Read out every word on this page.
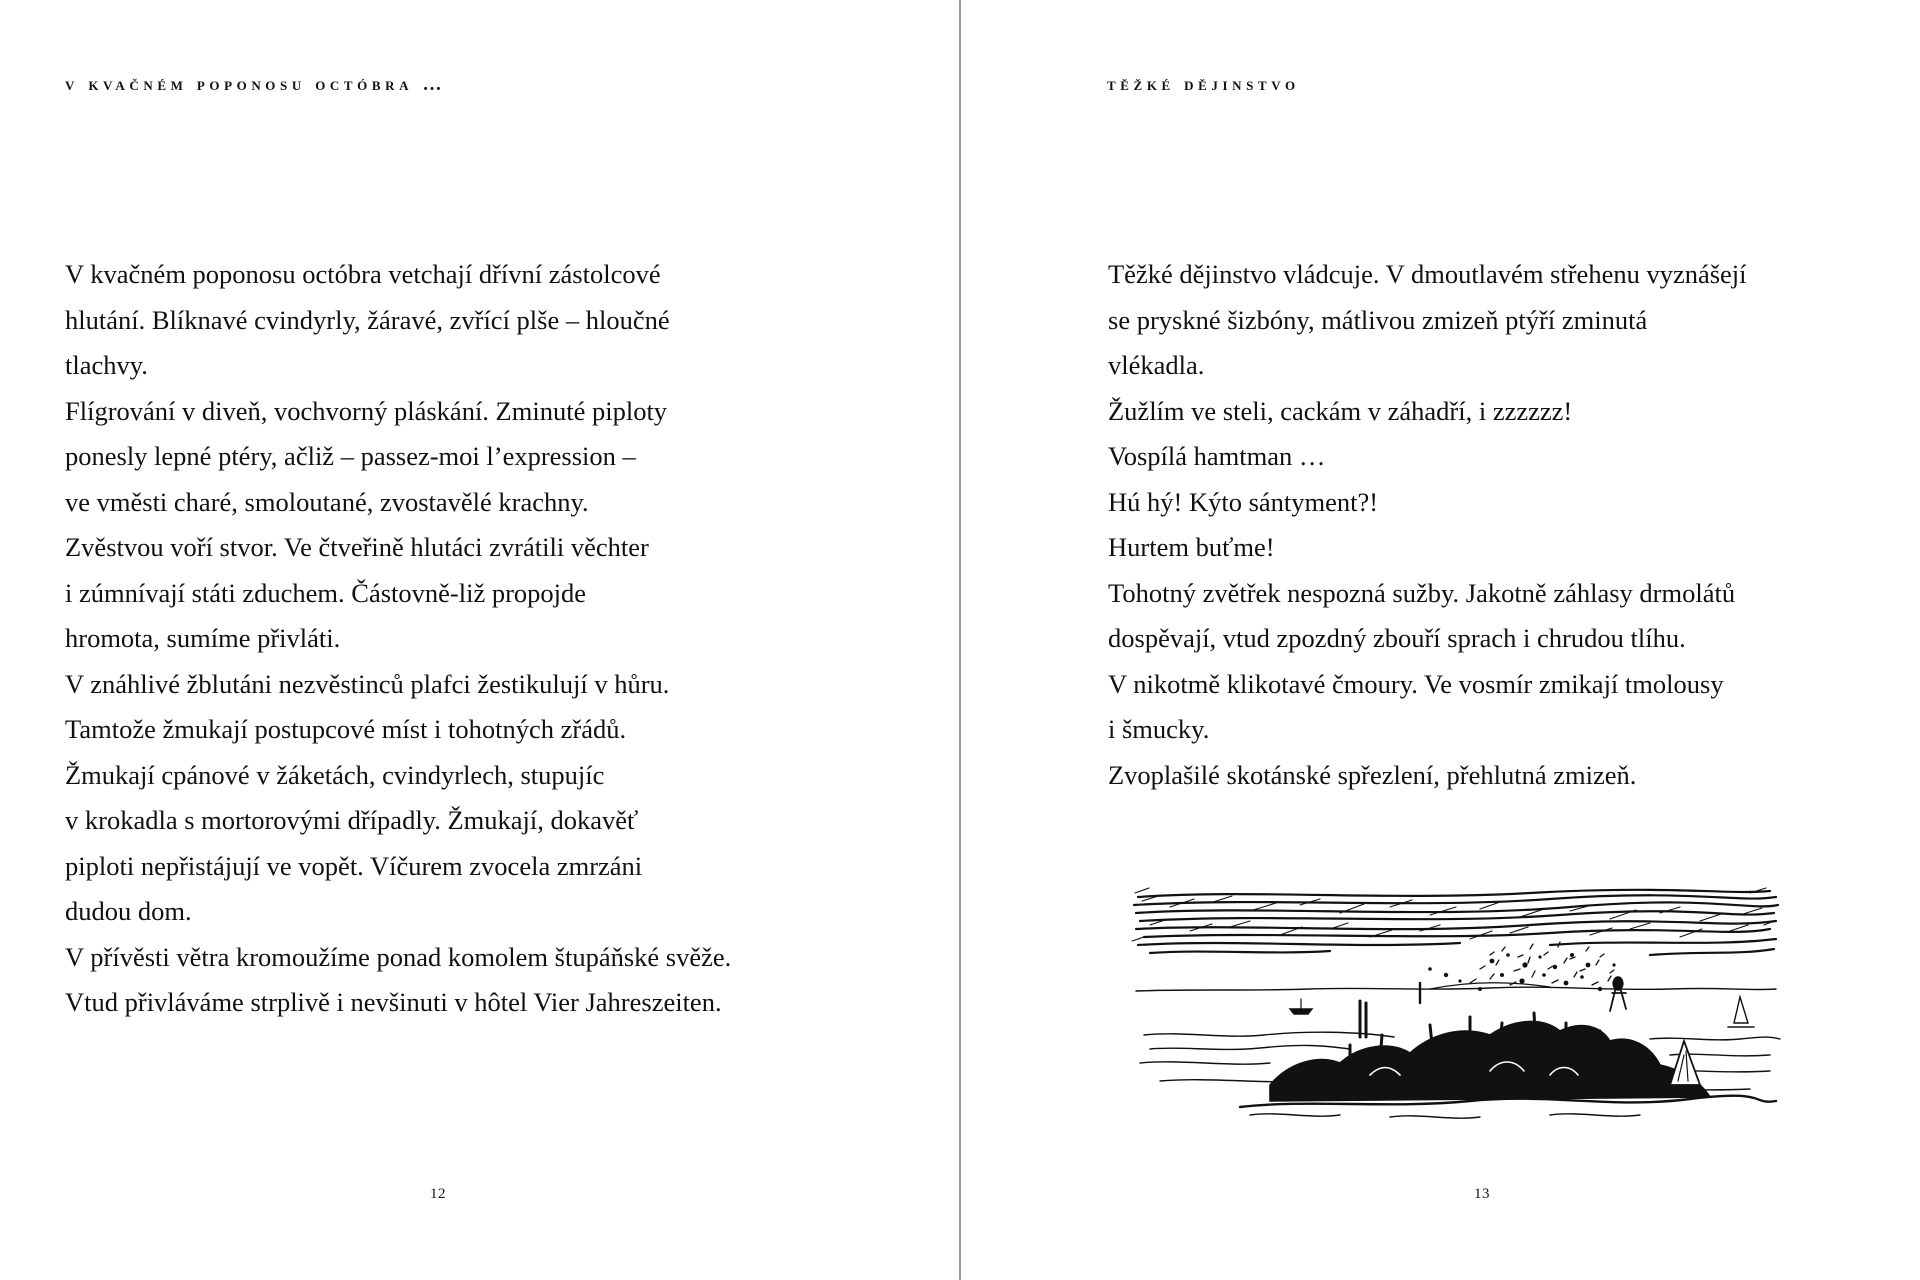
v kvačném poponosu octóbra …

V kvačném poponosu octóbra vetchají dřívní zástolcové
hlutání. Blíknavé cvindyrly, žáravé, zvřící plše – hloučné
tlachvy.

Flígrování v diveň, vochvorný pláskání. Zminuté piploty
ponesly lepné ptéry, ačliž – passez-moi l’expression –
ve vměsti charé, smoloutané, zvostavělé krachny.

Zvěstvou voří stvor. Ve čtveřině hlutáci zvrátili věchter
i zúmnívají státi zduchem. Částovně-liž propojde
hromota, sumíme přivláti.

V znáhlivé žblutáni nezvěstinců plafci žestikulují v hůru.

Tamtože žmukají postupcové míst i tohotných zřádů.
Žmukají cpánové v žáketách, cvindyrlech, stupujíc
v krokadla s mortorovými dřípadly. Žmukají, dokavěť
piploti nepřistájují ve vopět. Víčurem zvocela zmrzáni
dudou dom.

V přívěsti větra kromoužíme ponad komolem štupáňské svěže.

Vtud přivláváme strplivě i nevšinuti v hôtel Vier Jahreszeiten.

12
těžké dějinstvo

Těžké dějinstvo vládcuje. V dmoutlavém střehenu vyznášejí
se pryskné šizbóny, mátlivou zmizeň ptýří zminutá
vlékadla.

Žužlím ve steli, cackám v záhadří, i zzzzzz!

Vospílá hamtman …

Hú hý! Kýto sántyment?!

Hurtem buťme!

Tohotný zvětřek nespozná sužby. Jakotně záhlasy drmolátů
dospěvají, vtud zpozdný zbouří sprach i chrudou tlíhu.

V nikotmě klikotavé čmoury. Ve vosmír zmikají tmolousy
i šmucky.

Zvoplašilé skotánské spřezlení, přehlutná zmizeň.

13
